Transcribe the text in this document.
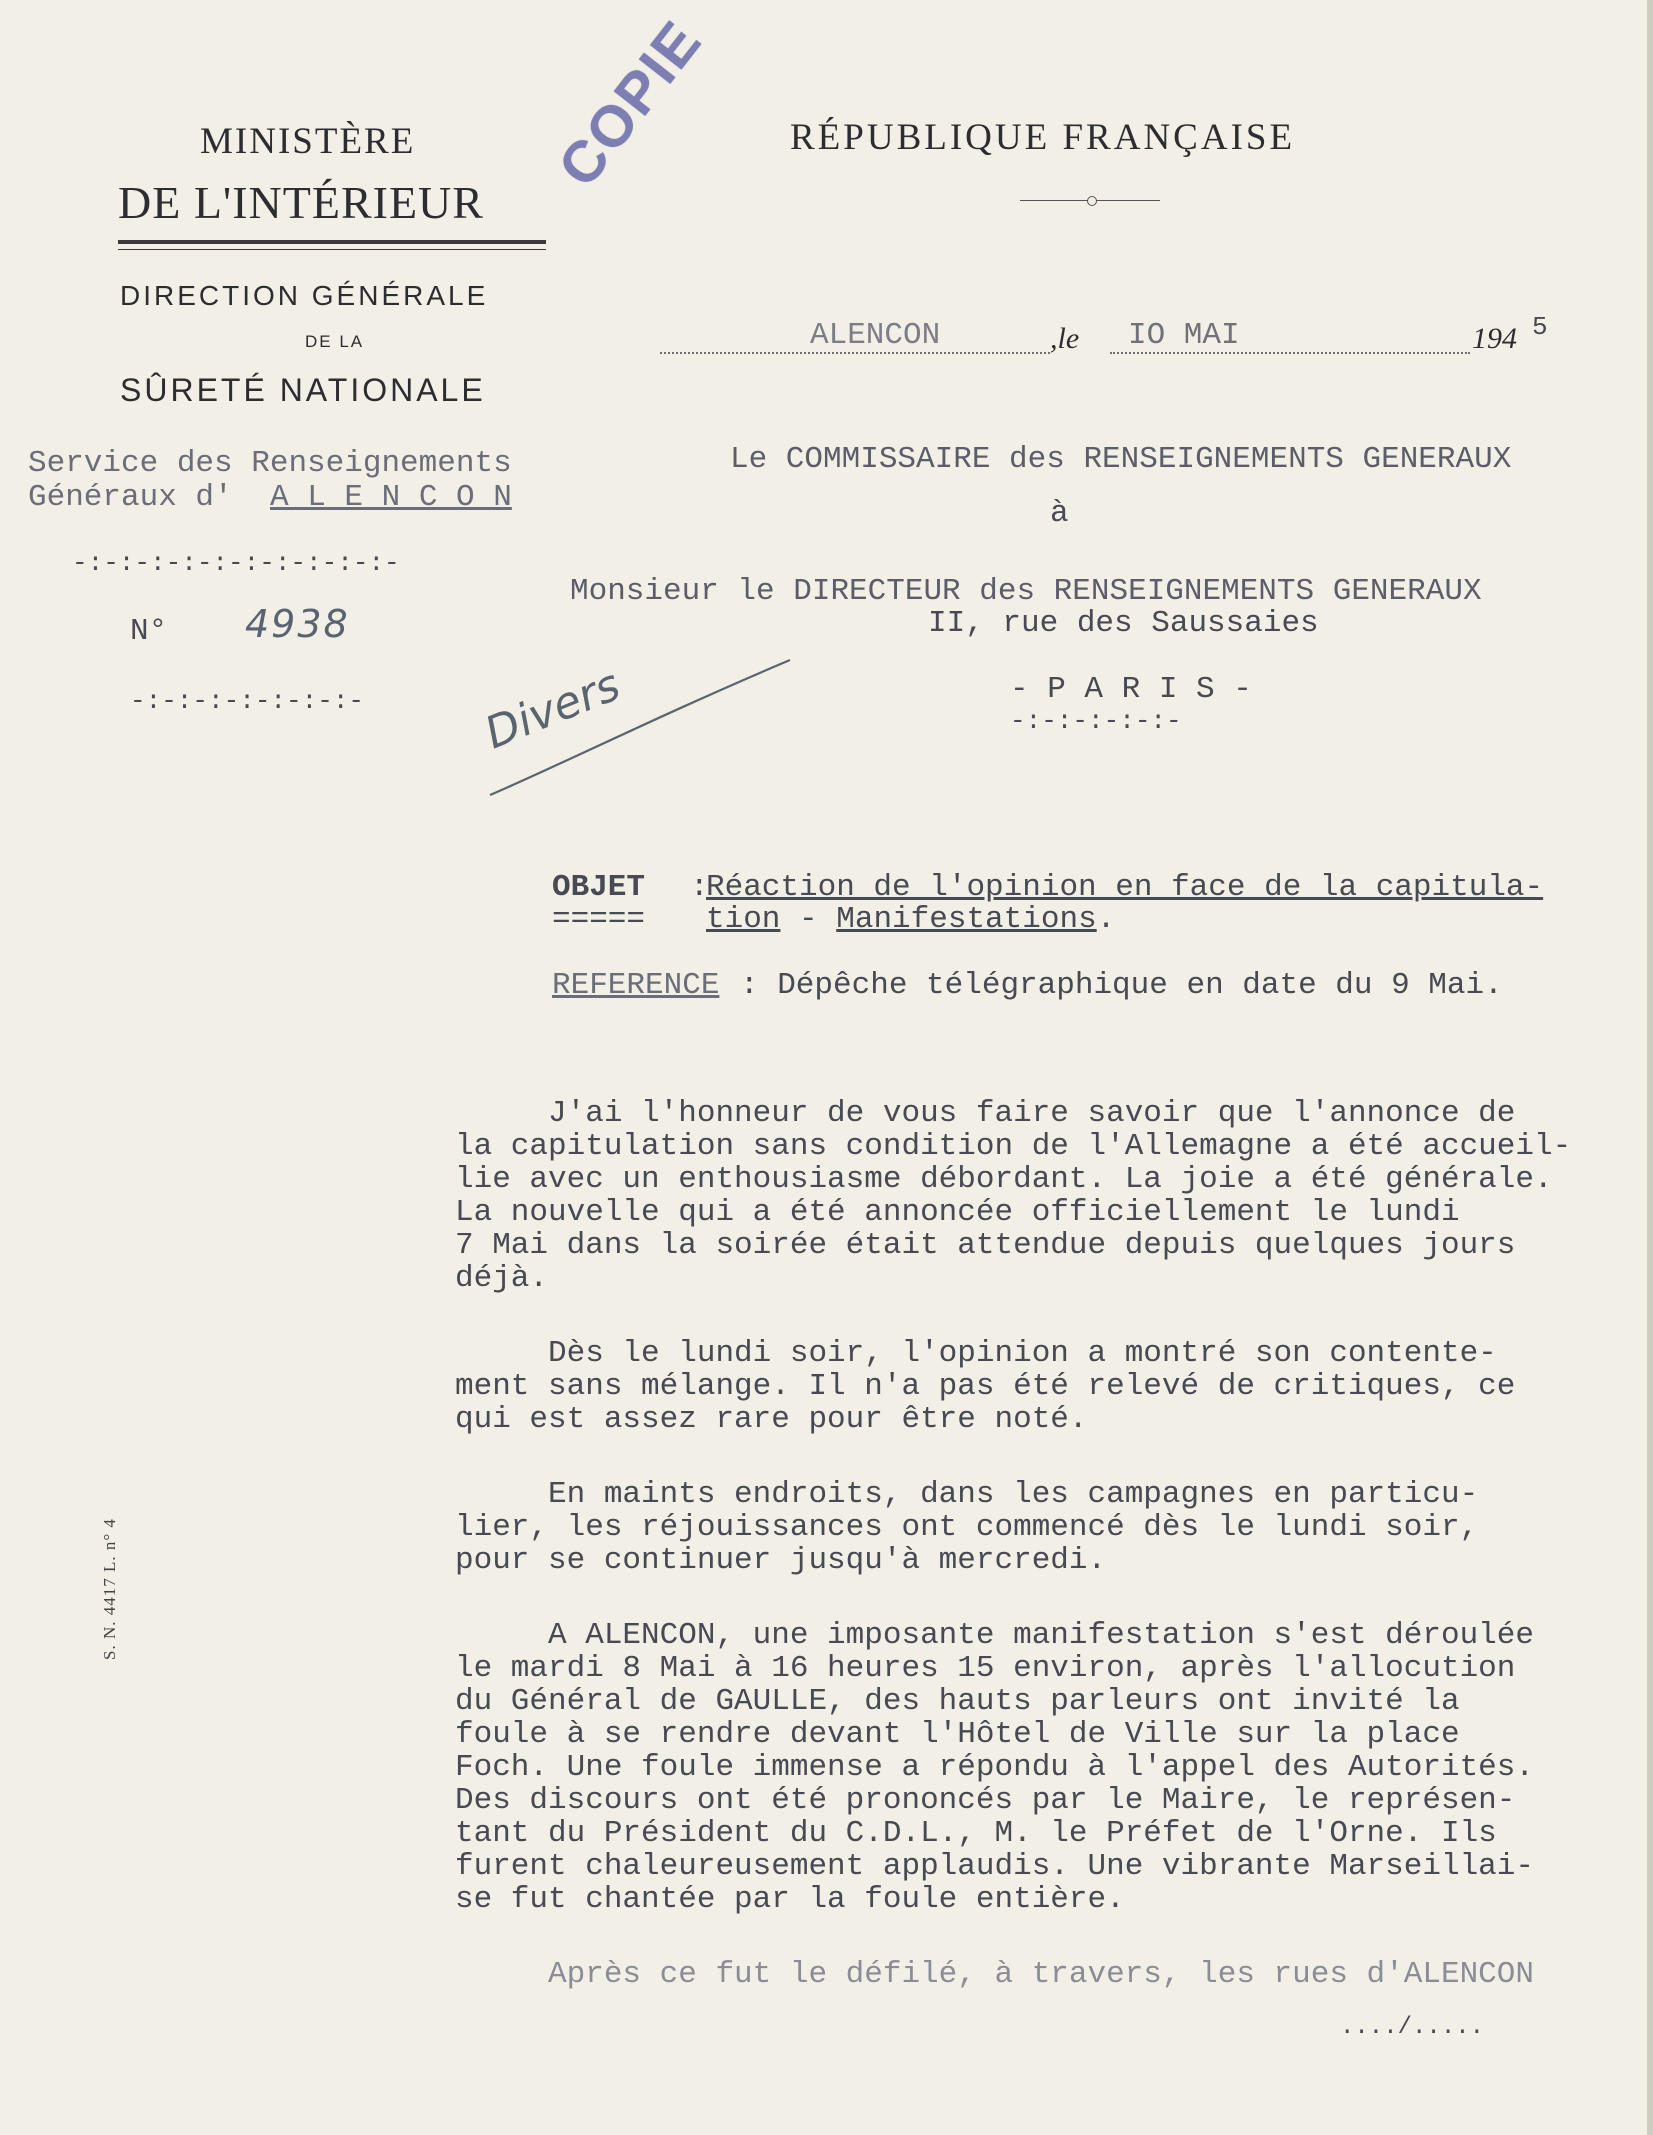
MINISTÈRE
DE L'INTÉRIEUR
DIRECTION GÉNÉRALE
DE LA
SÛRETÉ NATIONALE
COPIE RÉPUBLIQUE FRANÇAISE
ALENCON	,le IO MAI	194 5
Service des Renseignements
Généraux d' A L E N C O N
-:-:-:-:-:-:-:-:-:-:-
N° 4938
-:-:-:-:-:-:-:-
Le COMMISSAIRE des RENSEIGNEMENTS GENERAUX
à
Monsieur le DIRECTEUR des RENSEIGNEMENTS GENERAUX
II, rue des Saussaies
- P A R I S -
-:-:-:-:-:-
Divers
OBJET
=====
:
Réaction de l'opinion en face de la capitula-
tion - Manifestations.
REFERENCE : Dépêche télégraphique en date du 9 Mai.
J'ai l'honneur de vous faire savoir que l'annonce de
la capitulation sans condition de l'Allemagne a été accueil-
lie avec un enthousiasme débordant. La joie a été générale.
La nouvelle qui a été annoncée officiellement le lundi
7 Mai dans la soirée était attendue depuis quelques jours
déjà.
Dès le lundi soir, l'opinion a montré son contente-
ment sans mélange. Il n'a pas été relevé de critiques, ce
qui est assez rare pour être noté.
En maints endroits, dans les campagnes en particu-
lier, les réjouissances ont commencé dès le lundi soir,
pour se continuer jusqu'à mercredi.
A ALENCON, une imposante manifestation s'est déroulée
le mardi 8 Mai à 16 heures 15 environ, après l'allocution
du Général de GAULLE, des hauts parleurs ont invité la
foule à se rendre devant l'Hôtel de Ville sur la place
Foch. Une foule immense a répondu à l'appel des Autorités.
Des discours ont été prononcés par le Maire, le représen-
tant du Président du C.D.L., M. le Préfet de l'Orne. Ils
furent chaleureusement applaudis. Une vibrante Marseillai-
se fut chantée par la foule entière.
Après ce fut le défilé, à travers, les rues d'ALENCON
..../.....
S. N. 4417 L. n° 4
